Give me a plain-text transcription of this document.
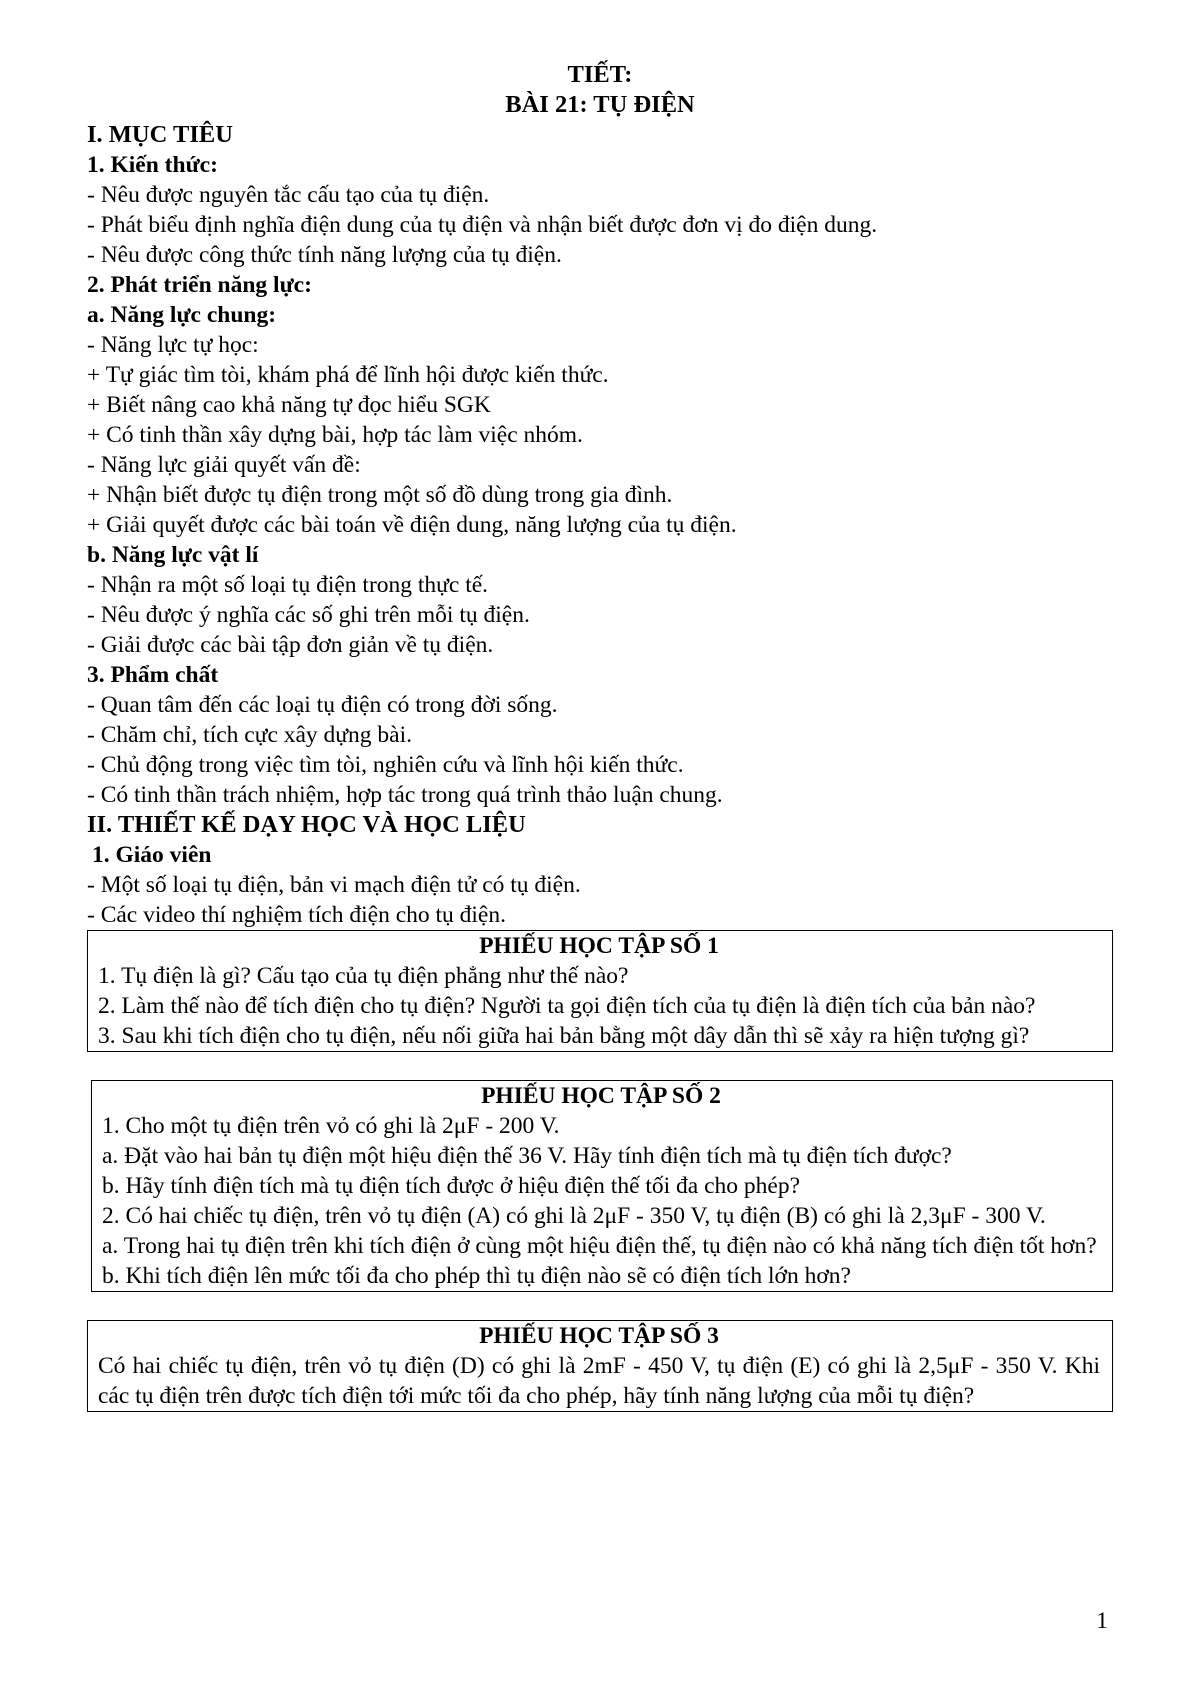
TIẾT:
BÀI 21: TỤ ĐIỆN
I. MỤC TIÊU
1. Kiến thức:
- Nêu được nguyên tắc cấu tạo của tụ điện.
- Phát biểu định nghĩa điện dung của tụ điện và nhận biết được đơn vị đo điện dung.
- Nêu được công thức tính năng lượng của tụ điện.
2. Phát triển năng lực:
a. Năng lực chung:
- Năng lực tự học:
+ Tự giác tìm tòi, khám phá để lĩnh hội được kiến thức.
+ Biết nâng cao khả năng tự đọc hiểu SGK
+ Có tinh thần xây dựng bài, hợp tác làm việc nhóm.
- Năng lực giải quyết vấn đề:
+ Nhận biết được tụ điện trong một số đồ dùng trong gia đình.
+ Giải quyết được các bài toán về điện dung, năng lượng của tụ điện.
b. Năng lực vật lí
- Nhận ra một số loại tụ điện trong thực tế.
- Nêu được ý nghĩa các số ghi trên mỗi tụ điện.
- Giải được các bài tập đơn giản về tụ điện.
3. Phẩm chất
- Quan tâm đến các loại tụ điện có trong đời sống.
- Chăm chỉ, tích cực xây dựng bài.
- Chủ động trong việc tìm tòi, nghiên cứu và lĩnh hội kiến thức.
- Có tinh thần trách nhiệm, hợp tác trong quá trình thảo luận chung.
II. THIẾT KẾ DẠY HỌC VÀ HỌC LIỆU
1. Giáo viên
- Một số loại tụ điện, bản vi mạch điện tử có tụ điện.
- Các video thí nghiệm tích điện cho tụ điện.
PHIẾU HỌC TẬP SỐ 1
1. Tụ điện là gì? Cấu tạo của tụ điện phẳng như thế nào?
2. Làm thế nào để tích điện cho tụ điện? Người ta gọi điện tích của tụ điện là điện tích của bản nào?
3. Sau khi tích điện cho tụ điện, nếu nối giữa hai bản bằng một dây dẫn thì sẽ xảy ra hiện tượng gì?
PHIẾU HỌC TẬP SỐ 2
1. Cho một tụ điện trên vỏ có ghi là 2μF - 200 V.
a. Đặt vào hai bản tụ điện một hiệu điện thế 36 V. Hãy tính điện tích mà tụ điện tích được?
b. Hãy tính điện tích mà tụ điện tích được ở hiệu điện thế tối đa cho phép?
2. Có hai chiếc tụ điện, trên vỏ tụ điện (A) có ghi là 2μF - 350 V, tụ điện (B) có ghi là 2,3μF - 300 V.
a. Trong hai tụ điện trên khi tích điện ở cùng một hiệu điện thế, tụ điện nào có khả năng tích điện tốt hơn?
b. Khi tích điện lên mức tối đa cho phép thì tụ điện nào sẽ có điện tích lớn hơn?
PHIẾU HỌC TẬP SỐ 3
Có hai chiếc tụ điện, trên vỏ tụ điện (D) có ghi là 2mF - 450 V, tụ điện (E) có ghi là 2,5μF - 350 V. Khi các tụ điện trên được tích điện tới mức tối đa cho phép, hãy tính năng lượng của mỗi tụ điện?
1
